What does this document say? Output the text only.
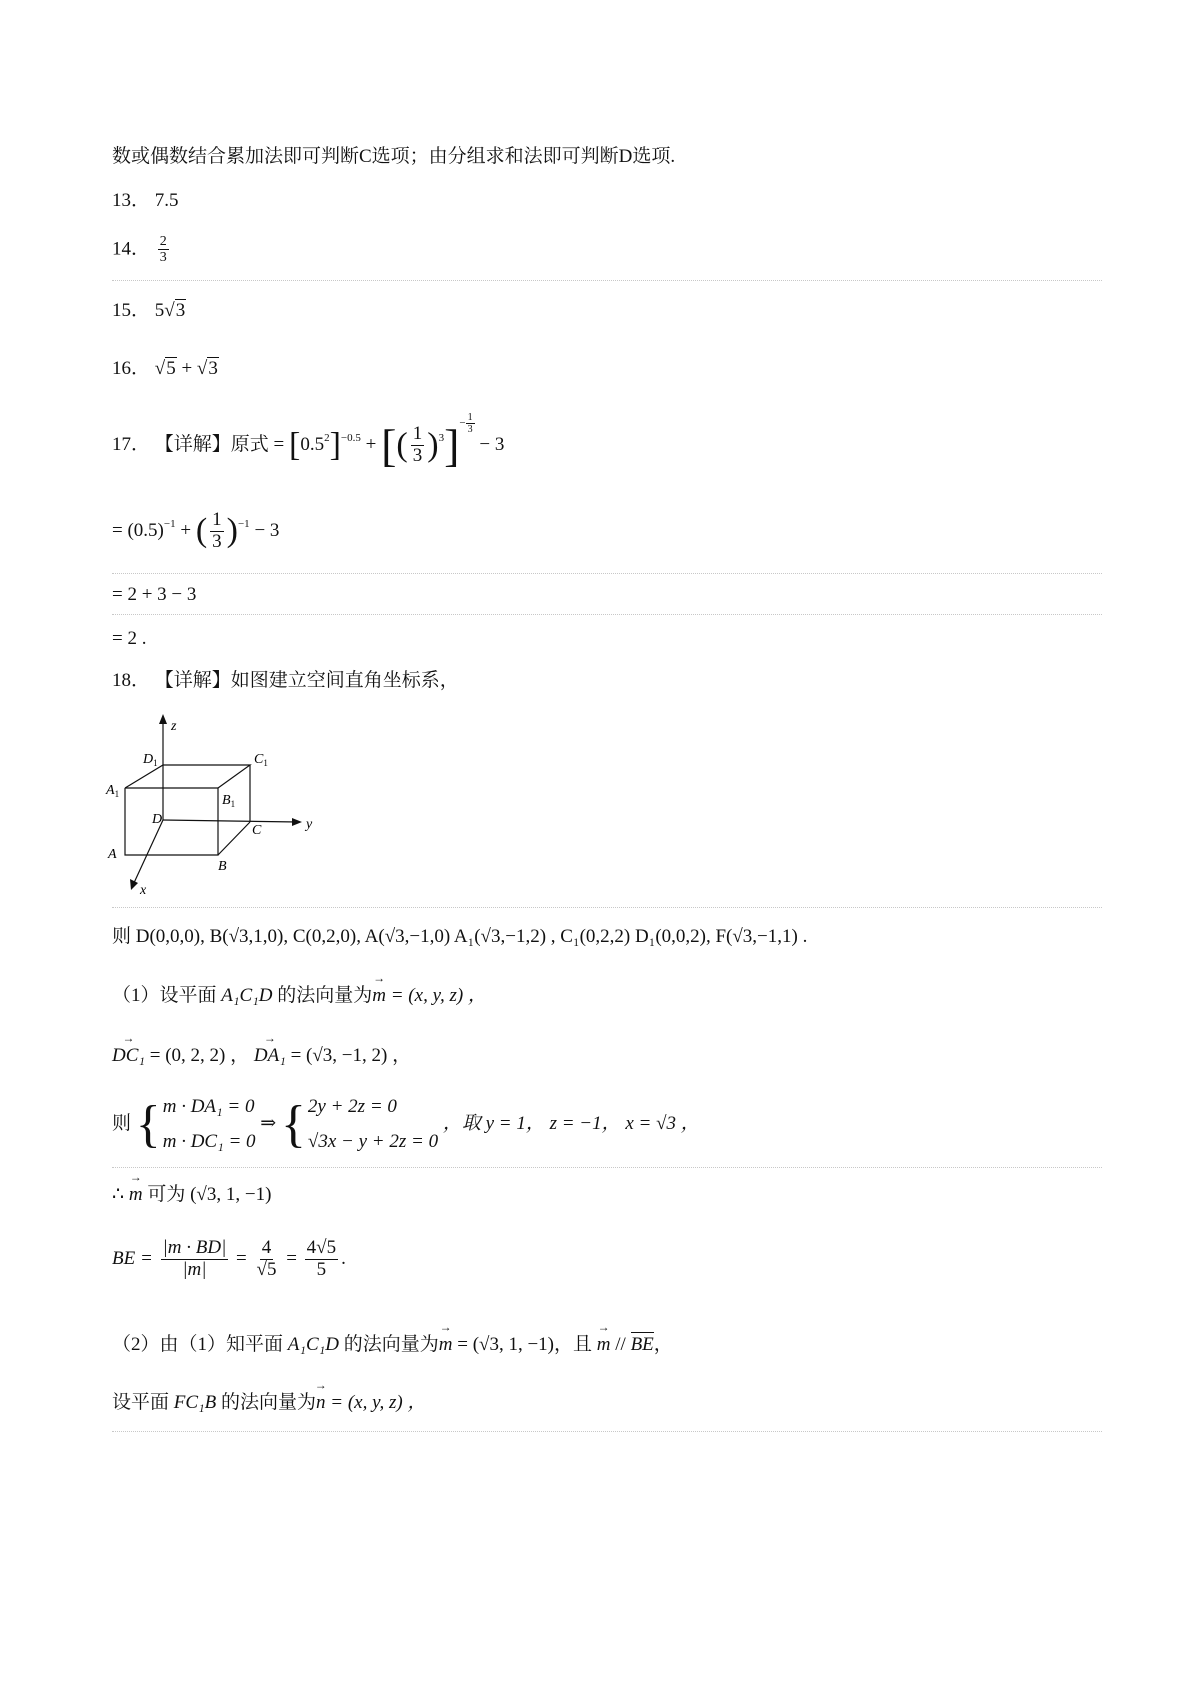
数或偶数结合累加法即可判断C选项；由分组求和法即可判断D选项.
13． 7.5
14． $\frac{2}{3}$
15． 5√3
16． √5 + √3
17． 【详解】原式 = $[0.5^2]^{-0.5}$ + [( $\frac{1}{3} )^3]^{- \frac{1}{3}}$
− 3
= $(0.5)^{-1}$ + ( $\frac{1}{3} )^{-1} - 3$
= 2 + 3 − 3
= 2 .
18． 【详解】如图建立空间直角坐标系，
z
y
x
$D_1$	$C_1$
$A_1$	$B_1$
D
C
A
B
则 D(0,0,0), B(√3,1,0), C(0,2,0), A(√3,−1,0) A₁(√3,−1,2) , C₁(0,2,2) D₁(0,0,2), F(√3,−1,1) .
（1）设平面 A₁C₁D 的法向量为→ m = (x, y, z) ，
→ DC₁ = (0, 2, 2) ， → DA₁ = (√3, −1, 2) ，
则 { m · DA₁ = 0
m · DC₁ = 0
⇒ { 2y + 2z = 0
√3x − y + 2z = 0
，取 y = 1， z = −1， x = √3 ，
∴ → m 可为 (√3, 1, −1)
BE = $\frac{|m \cdot BD|}{|m|} = \frac{4}{√5} = \frac{4√5}{5}$ .
（2）由（1）知平面 A₁C₁D 的法向量为→ m = (√3, 1, −1)，且 → m // BE，
设平面 FC₁B 的法向量为→ n = (x, y, z) ，
